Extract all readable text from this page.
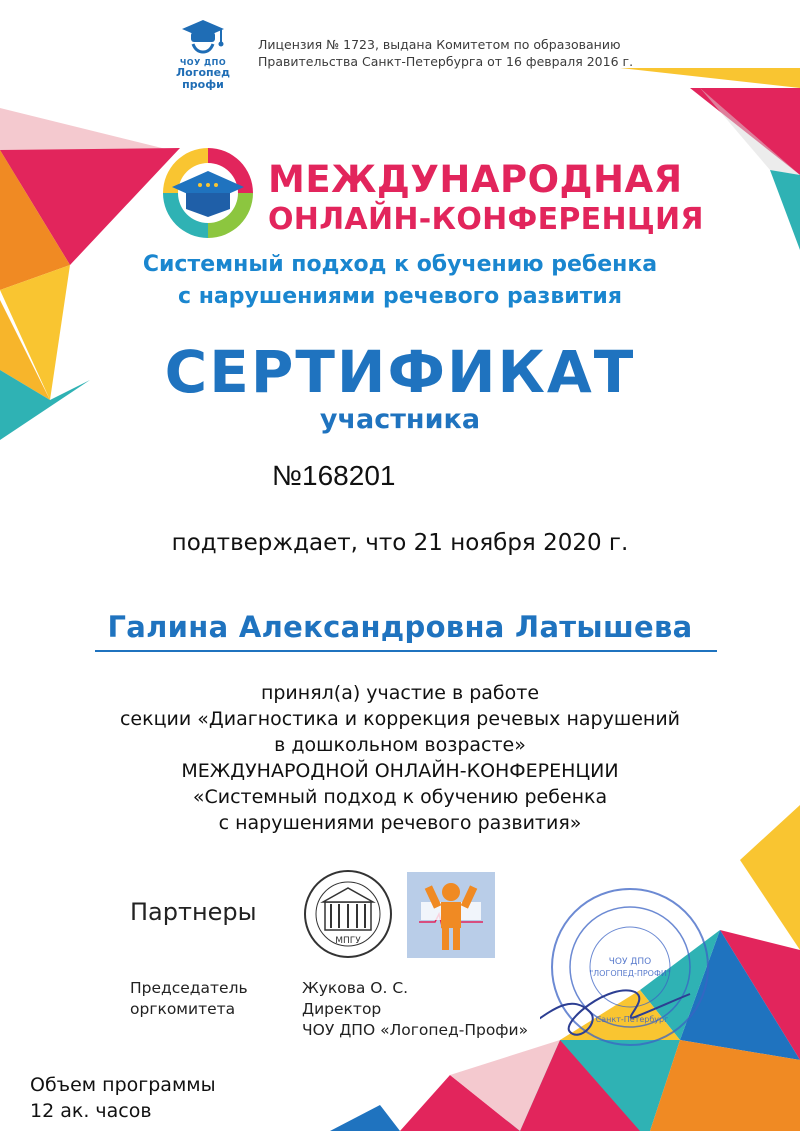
ЧОУ ДПО
Логопед
профи
Лицензия № 1723, выдана Комитетом по образованию
Правительства Санкт-Петербурга от 16 февраля 2016 г.
МЕЖДУНАРОДНАЯ
ОНЛАЙН-КОНФЕРЕНЦИЯ
Системный подход к обучению ребенка
с нарушениями речевого развития
СЕРТИФИКАТ
участника
№168201
подтверждает, что 21 ноября 2020 г.
Галина Александровна Латышева
принял(а) участие в работе
секции «Диагностика и коррекция речевых нарушений
в дошкольном возрасте»
МЕЖДУНАРОДНОЙ ОНЛАЙН-КОНФЕРЕНЦИИ
«Системный подход к обучению ребенка
с нарушениями речевого развития»
Партнеры
МПГУ
Председатель
оргкомитета
Жукова О. С.
Директор
ЧОУ ДПО «Логопед-Профи»
ЧОУ ДПО
"ЛОГОПЕД-ПРОФИ"
Санкт-Петербург
Объем программы
12 ак. часов
